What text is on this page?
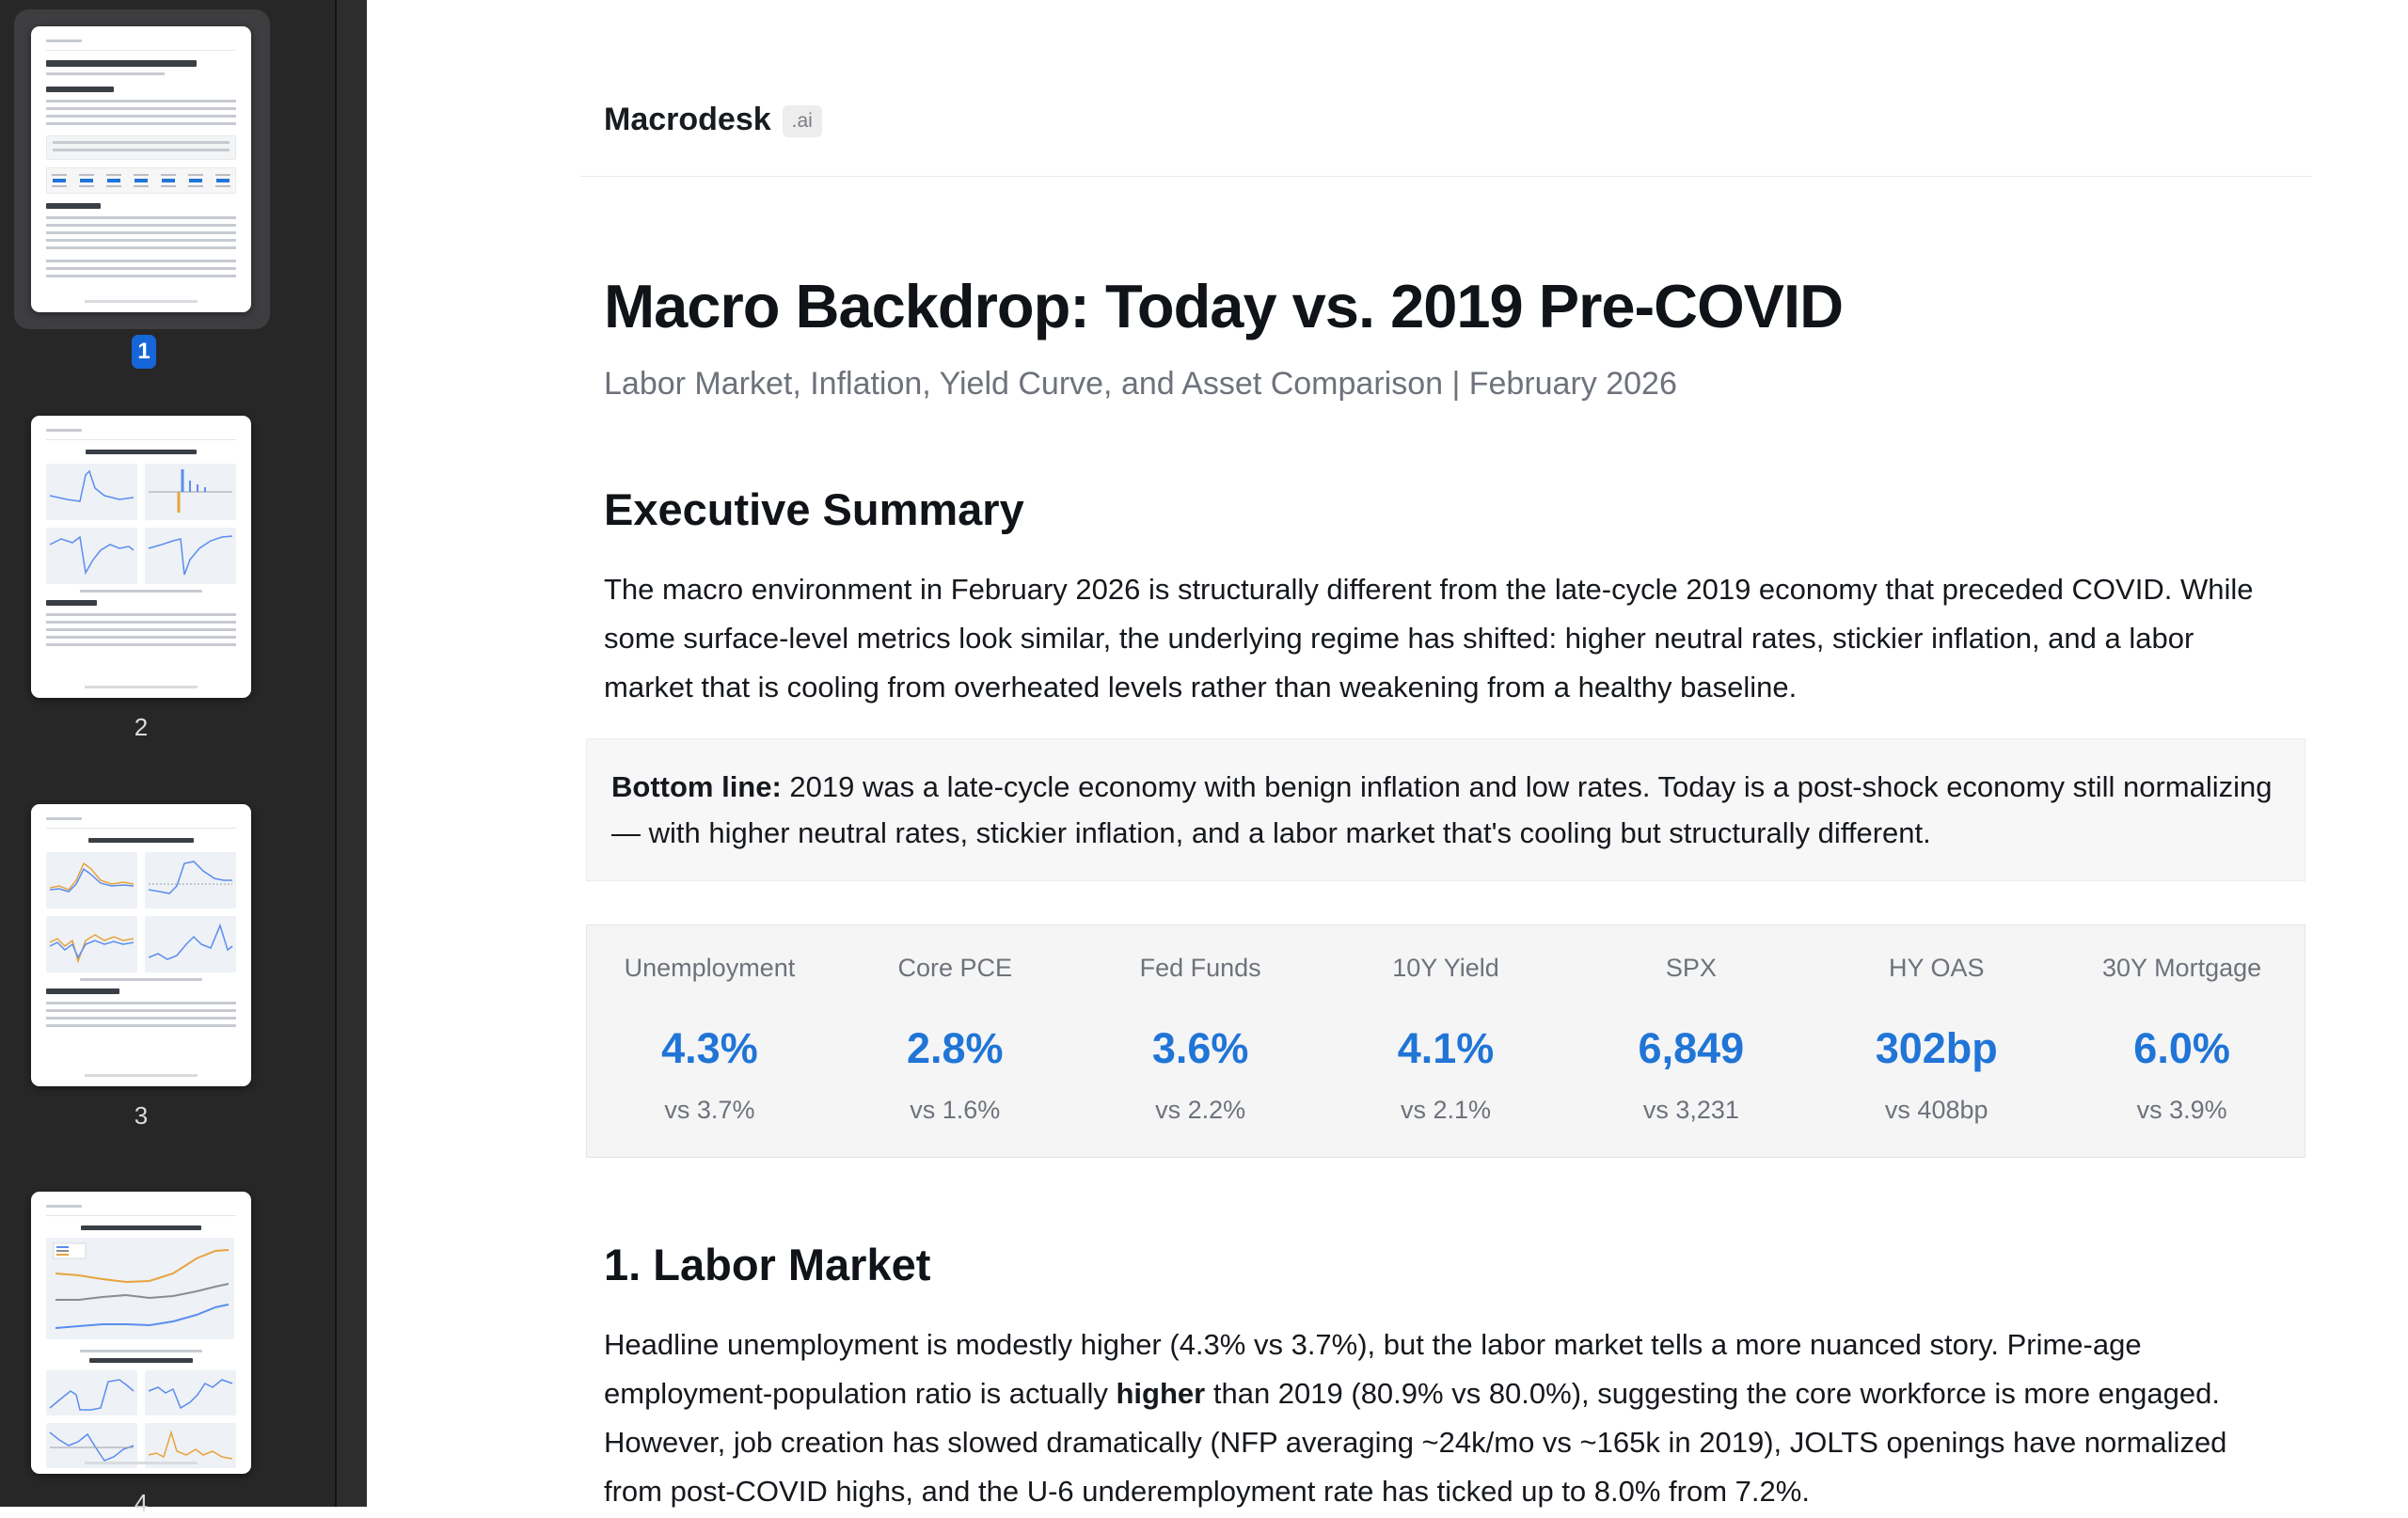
1
2
3
4
Macrodesk .ai
Macro Backdrop: Today vs. 2019 Pre-COVID
Labor Market, Inflation, Yield Curve, and Asset Comparison | February 2026
Executive Summary
The macro environment in February 2026 is structurally different from the late-cycle 2019 economy that preceded COVID. While some surface-level metrics look similar, the underlying regime has shifted: higher neutral rates, stickier inflation, and a labor market that is cooling from overheated levels rather than weakening from a healthy baseline.
Bottom line: 2019 was a late-cycle economy with benign inflation and low rates. Today is a post-shock economy still normalizing — with higher neutral rates, stickier inflation, and a labor market that's cooling but structurally different.
Unemployment
4.3%
vs 3.7%
Core PCE
2.8%
vs 1.6%
Fed Funds
3.6%
vs 2.2%
10Y Yield
4.1%
vs 2.1%
SPX
6,849
vs 3,231
HY OAS
302bp
vs 408bp
30Y Mortgage
6.0%
vs 3.9%
1. Labor Market
Headline unemployment is modestly higher (4.3% vs 3.7%), but the labor market tells a more nuanced story. Prime-age employment-population ratio is actually higher than 2019 (80.9% vs 80.0%), suggesting the core workforce is more engaged. However, job creation has slowed dramatically (NFP averaging ~24k/mo vs ~165k in 2019), JOLTS openings have normalized from post-COVID highs, and the U-6 underemployment rate has ticked up to 8.0% from 7.2%.
